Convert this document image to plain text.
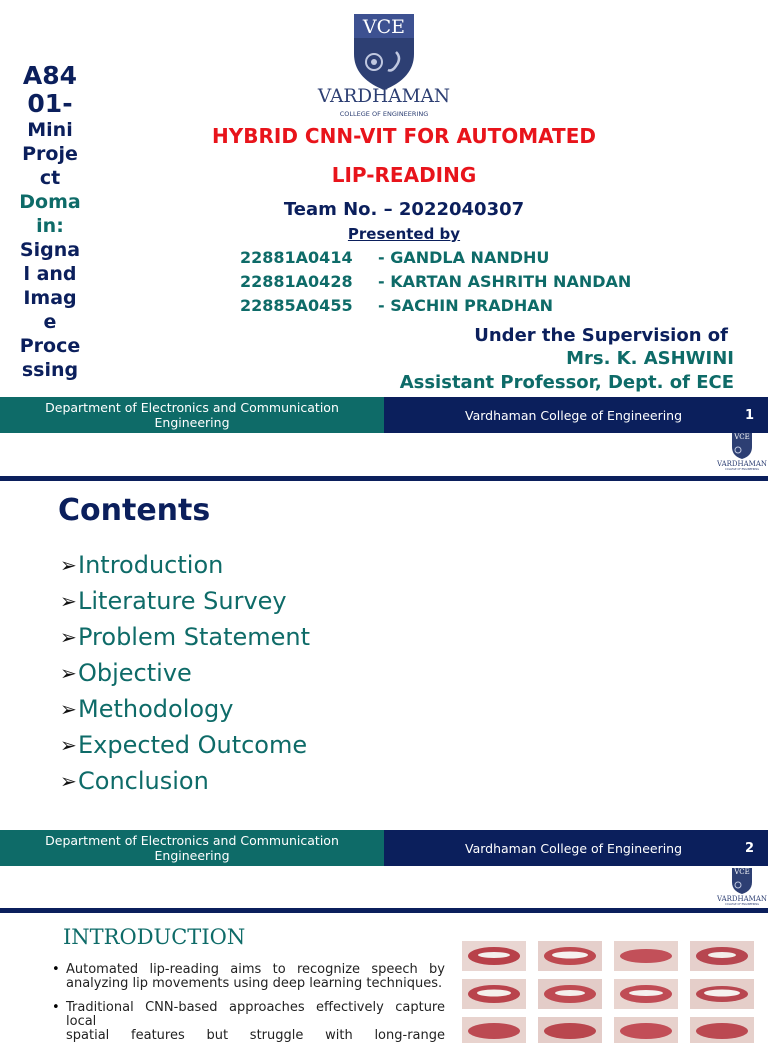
VCE
VARDHAMAN
COLLEGE OF ENGINEERING
A84
01-
Mini
Proje
ct
Doma
in:
Signa
l and
Imag
e
Proce
ssing
HYBRID CNN-VIT FOR AUTOMATED
LIP-READING
Team No. – 2022040307
Presented by
22881A0414 - GANDLA NANDHU
22881A0428 - KARTAN ASHRITH NANDAN
22885A0455 - SACHIN PRADHAN
Under the Supervision of
Mrs. K. ASHWINI
Assistant Professor, Dept. of ECE
Department of Electronics and Communication Engineering	Vardhaman College of Engineering	1
VCE
VARDHAMAN
COLLEGE OF ENGINEERING
Contents
➢ Introduction
➢ Literature Survey
➢ Problem Statement
➢ Objective
➢ Methodology
➢ Expected Outcome
➢ Conclusion
Department of Electronics and Communication Engineering	Vardhaman College of Engineering	2
VCE
VARDHAMAN
COLLEGE OF ENGINEERING
INTRODUCTION
• Automated lip-reading aims to recognize speech by
analyzing lip movements using deep learning techniques.
• Traditional CNN-based approaches effectively capture local
spatial features but struggle with long-range
